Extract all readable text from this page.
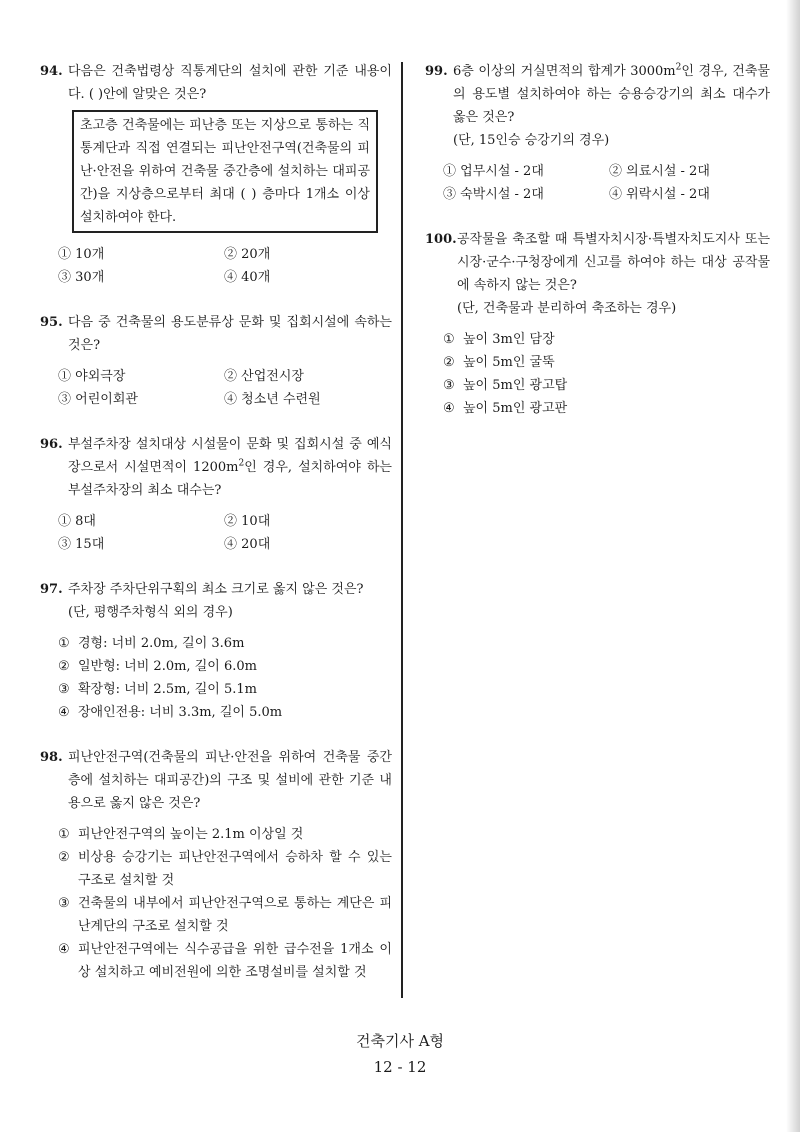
94. 다음은 건축법령상 직통계단의 설치에 관한 기준 내용이다. ( )안에 알맞은 것은?
초고층 건축물에는 피난층 또는 지상으로 통하는 직통계단과 직접 연결되는 피난안전구역(건축물의 피난·안전을 위하여 건축물 중간층에 설치하는 대피공간)을 지상층으로부터 최대 ( ) 층마다 1개소 이상 설치하여야 한다.
① 10개	② 20개
③ 30개	④ 40개
95. 다음 중 건축물의 용도분류상 문화 및 집회시설에 속하는 것은?
① 야외극장	② 산업전시장
③ 어린이회관	④ 청소년 수련원
96. 부설주차장 설치대상 시설물이 문화 및 집회시설 중 예식장으로서 시설면적이 $1200m^2$인 경우, 설치하여야 하는 부설주차장의 최소 대수는?
① 8대	② 10대
③ 15대	④ 20대
97. 주차장 주차단위구획의 최소 크기로 옳지 않은 것은?
(단, 평행주차형식 외의 경우)
① 경형: 너비 2.0m, 길이 3.6m
② 일반형: 너비 2.0m, 길이 6.0m
③ 확장형: 너비 2.5m, 길이 5.1m
④ 장애인전용: 너비 3.3m, 길이 5.0m
98. 피난안전구역(건축물의 피난·안전을 위하여 건축물 중간층에 설치하는 대피공간)의 구조 및 설비에 관한 기준 내용으로 옳지 않은 것은?
① 피난안전구역의 높이는 2.1m 이상일 것
② 비상용 승강기는 피난안전구역에서 승하차 할 수 있는 구조로 설치할 것
③ 건축물의 내부에서 피난안전구역으로 통하는 계단은 피난계단의 구조로 설치할 것
④ 피난안전구역에는 식수공급을 위한 급수전을 1개소 이상 설치하고 예비전원에 의한 조명설비를 설치할 것
99. 6층 이상의 거실면적의 합계가 $3000m^2$인 경우, 건축물의 용도별 설치하여야 하는 승용승강기의 최소 대수가 옳은 것은?
(단, 15인승 승강기의 경우)
① 업무시설 - 2대	② 의료시설 - 2대
③ 숙박시설 - 2대	④ 위락시설 - 2대
100. 공작물을 축조할 때 특별자치시장·특별자치도지사 또는 시장·군수·구청장에게 신고를 하여야 하는 대상 공작물에 속하지 않는 것은?
(단, 건축물과 분리하여 축조하는 경우)
① 높이 3m인 담장
② 높이 5m인 굴뚝
③ 높이 5m인 광고탑
④ 높이 5m인 광고판
건축기사 A형
12 - 12
